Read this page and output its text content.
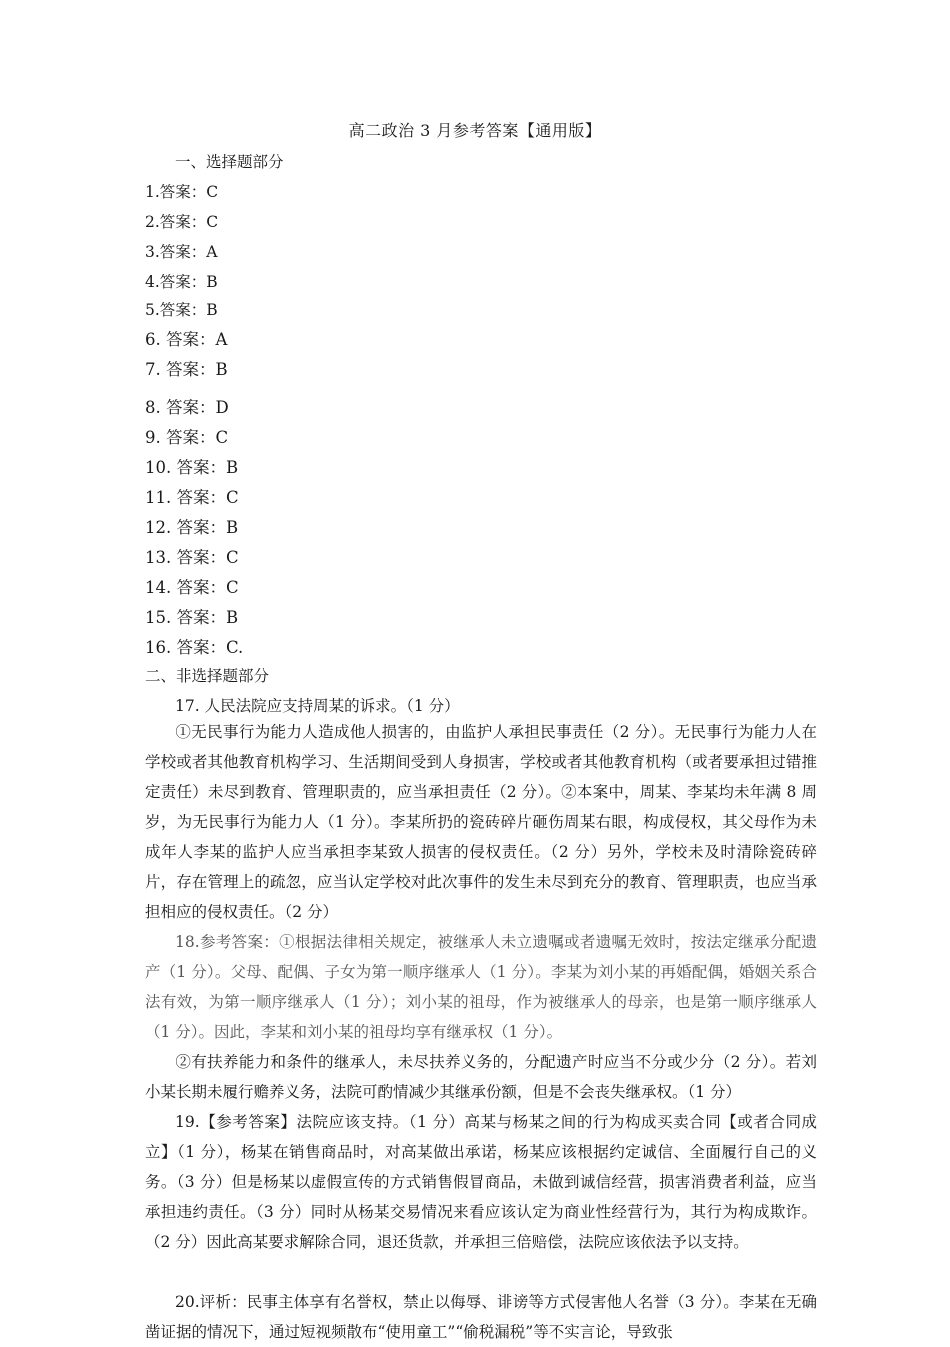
高二政治 3 月参考答案【通用版】
一、选择题部分
1.答案：C
2.答案：C
3.答案：A
4.答案：B
5.答案：B
6. 答案：A
7. 答案：B
8. 答案：D
9. 答案：C
10. 答案：B
11. 答案：C
12. 答案：B
13. 答案：C
14. 答案：C
15. 答案：B
16. 答案：C.
二、非选择题部分
17. 人民法院应支持周某的诉求。（1 分）
①无民事行为能力人造成他人损害的，由监护人承担民事责任（2 分）。无民事行为能力人在学校或者其他教育机构学习、生活期间受到人身损害，学校或者其他教育机构（或者要承担过错推定责任）未尽到教育、管理职责的，应当承担责任（2 分）。②本案中，周某、李某均未年满 8 周岁，为无民事行为能力人（1 分）。李某所扔的瓷砖碎片砸伤周某右眼，构成侵权，其父母作为未成年人李某的监护人应当承担李某致人损害的侵权责任。（2 分）另外，学校未及时清除瓷砖碎片，存在管理上的疏忽，应当认定学校对此次事件的发生未尽到充分的教育、管理职责，也应当承担相应的侵权责任。（2 分）
18.参考答案：①根据法律相关规定，被继承人未立遗嘱或者遗嘱无效时，按法定继承分配遗产（1 分）。父母、配偶、子女为第一顺序继承人（1 分）。李某为刘小某的再婚配偶，婚姻关系合法有效，为第一顺序继承人（1 分）；刘小某的祖母，作为被继承人的母亲，也是第一顺序继承人（1 分）。因此，李某和刘小某的祖母均享有继承权（1 分）。
②有扶养能力和条件的继承人，未尽扶养义务的，分配遗产时应当不分或少分（2 分）。若刘小某长期未履行赡养义务，法院可酌情减少其继承份额，但是不会丧失继承权。（1 分）
19.【参考答案】法院应该支持。（1 分）高某与杨某之间的行为构成买卖合同【或者合同成立】（1 分），杨某在销售商品时，对高某做出承诺，杨某应该根据约定诚信、全面履行自己的义务。（3 分）但是杨某以虚假宣传的方式销售假冒商品，未做到诚信经营，损害消费者利益，应当承担违约责任。（3 分）同时从杨某交易情况来看应该认定为商业性经营行为，其行为构成欺诈。（2 分）因此高某要求解除合同，退还货款，并承担三倍赔偿，法院应该依法予以支持。
20.评析：民事主体享有名誉权，禁止以侮辱、诽谤等方式侵害他人名誉（3 分）。李某在无确凿证据的情况下，通过短视频散布“使用童工”“偷税漏税”等不实言论，导致张
